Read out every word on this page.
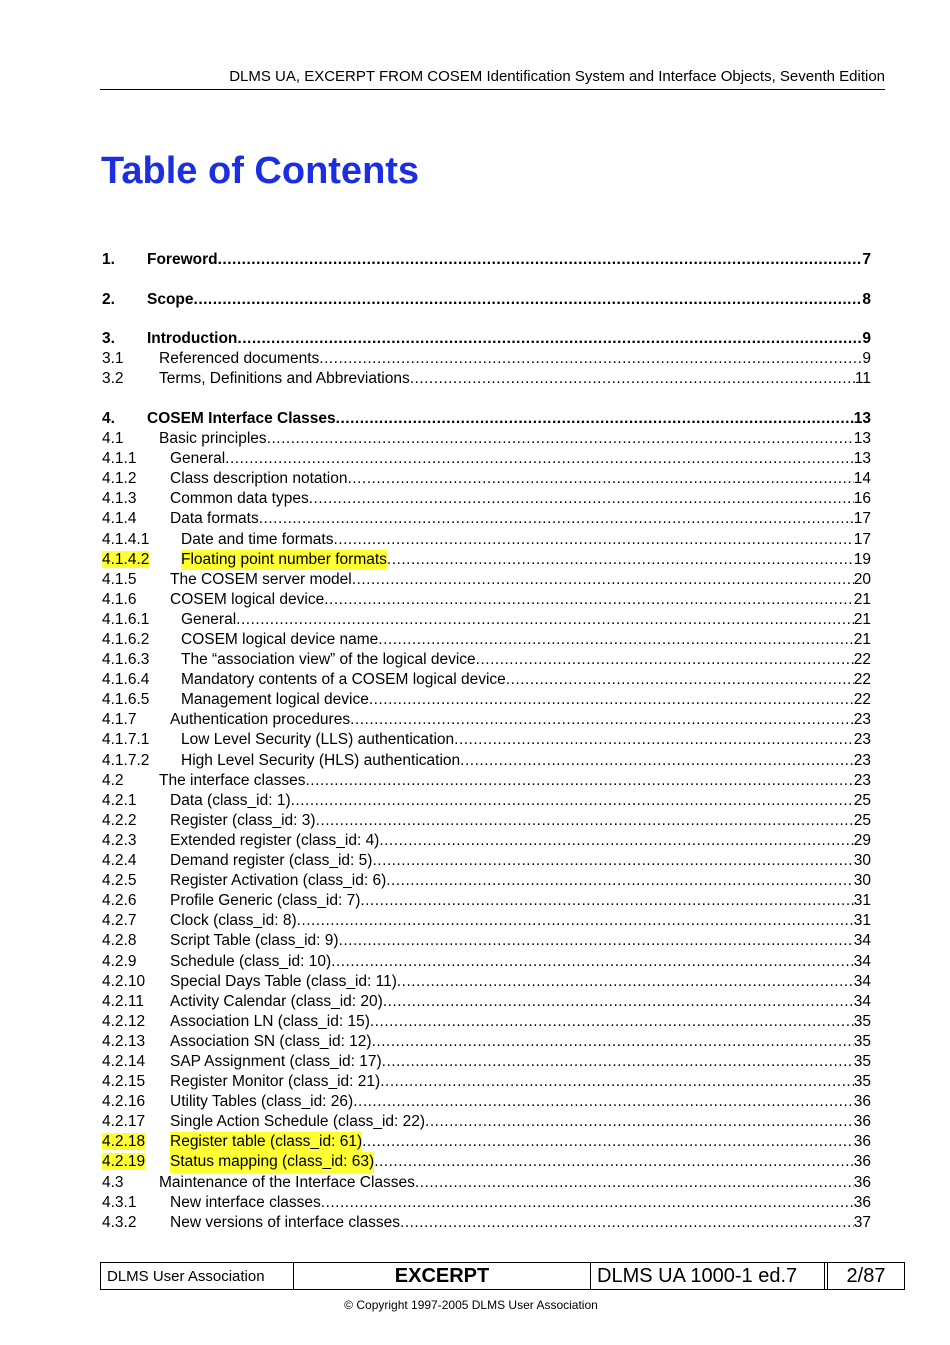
DLMS UA, EXCERPT FROM COSEM Identification System and Interface Objects, Seventh Edition
Table of Contents
1.	Foreword .....	7
2.	Scope .....	8
3.	Introduction .....	9
3.1	Referenced documents .....	9
3.2	Terms, Definitions and Abbreviations .....	11
4.	COSEM Interface Classes .....	13
4.1	Basic principles .....	13
4.1.1	General .....	13
4.1.2	Class description notation .....	14
4.1.3	Common data types .....	16
4.1.4	Data formats .....	17
4.1.4.1	Date and time formats .....	17
4.1.4.2	Floating point number formats .....	19
4.1.5	The COSEM server model .....	20
4.1.6	COSEM logical device .....	21
4.1.6.1	General .....	21
4.1.6.2	COSEM logical device name .....	21
4.1.6.3	The “association view” of the logical device .....	22
4.1.6.4	Mandatory contents of a COSEM logical device .....	22
4.1.6.5	Management logical device .....	22
4.1.7	Authentication procedures .....	23
4.1.7.1	Low Level Security (LLS) authentication .....	23
4.1.7.2	High Level Security (HLS) authentication .....	23
4.2	The interface classes .....	23
4.2.1	Data (class_id: 1) .....	25
4.2.2	Register (class_id: 3) .....	25
4.2.3	Extended register (class_id: 4) .....	29
4.2.4	Demand register (class_id: 5) .....	30
4.2.5	Register Activation (class_id: 6) .....	30
4.2.6	Profile Generic (class_id: 7) .....	31
4.2.7	Clock (class_id: 8) .....	31
4.2.8	Script Table (class_id: 9) .....	34
4.2.9	Schedule (class_id: 10) .....	34
4.2.10	Special Days Table (class_id: 11) .....	34
4.2.11	Activity Calendar (class_id: 20) .....	34
4.2.12	Association LN (class_id: 15) .....	35
4.2.13	Association SN (class_id: 12) .....	35
4.2.14	SAP Assignment (class_id: 17) .....	35
4.2.15	Register Monitor (class_id: 21) .....	35
4.2.16	Utility Tables (class_id: 26) .....	36
4.2.17	Single Action Schedule (class_id: 22) .....	36
4.2.18	Register table (class_id: 61) .....	36
4.2.19	Status mapping (class_id: 63) .....	36
4.3	Maintenance of the Interface Classes .....	36
4.3.1	New interface classes .....	36
4.3.2	New versions of interface classes .....	37
DLMS User Association	EXCERPT	DLMS UA 1000-1 ed.7	2/87
© Copyright 1997-2005 DLMS User Association
